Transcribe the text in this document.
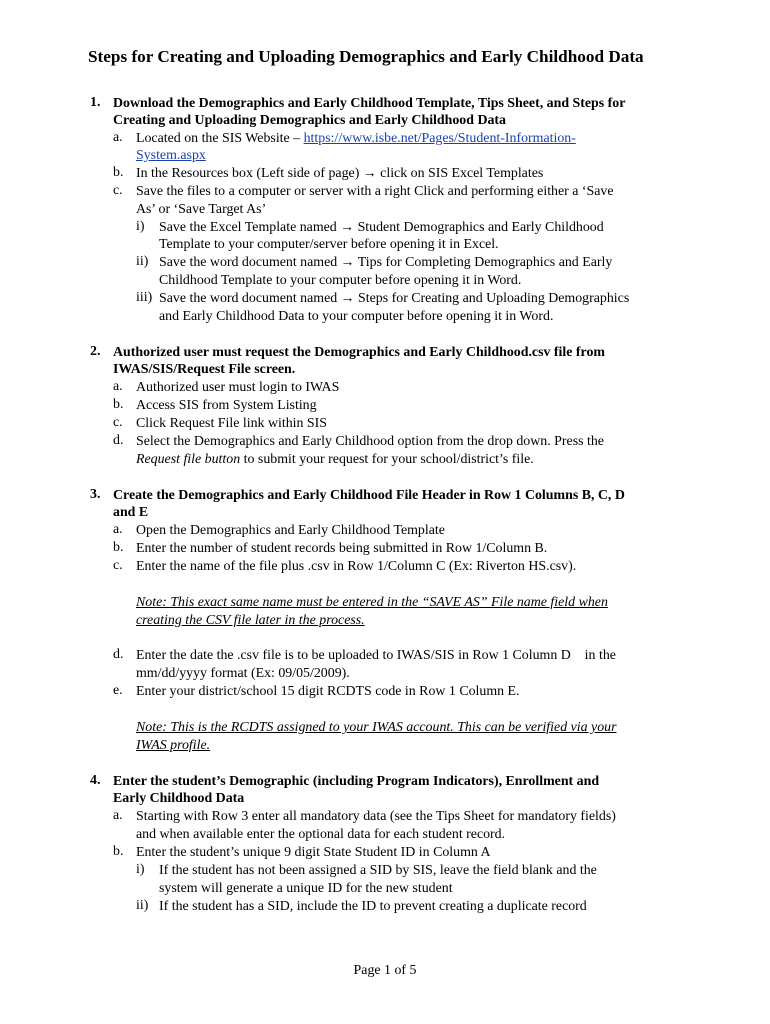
Steps for Creating and Uploading Demographics and Early Childhood Data
1. Download the Demographics and Early Childhood Template, Tips Sheet, and Steps for
Creating and Uploading Demographics and Early Childhood Data
a. Located on the SIS Website – https://www.isbe.net/Pages/Student-Information-
System.aspx
b. In the Resources box (Left side of page) → click on SIS Excel Templates
c. Save the files to a computer or server with a right Click and performing either a ‘Save
As’ or ‘Save Target As’
i) Save the Excel Template named → Student Demographics and Early Childhood
Template to your computer/server before opening it in Excel.
ii) Save the word document named → Tips for Completing Demographics and Early
Childhood Template to your computer before opening it in Word.
iii) Save the word document named → Steps for Creating and Uploading Demographics
and Early Childhood Data to your computer before opening it in Word.
2. Authorized user must request the Demographics and Early Childhood.csv file from
IWAS/SIS/Request File screen.
a. Authorized user must login to IWAS
b. Access SIS from System Listing
c. Click Request File link within SIS
d. Select the Demographics and Early Childhood option from the drop down. Press the
Request file button to submit your request for your school/district’s file.
3. Create the Demographics and Early Childhood File Header in Row 1 Columns B, C, D
and E
a. Open the Demographics and Early Childhood Template
b. Enter the number of student records being submitted in Row 1/Column B.
c. Enter the name of the file plus .csv in Row 1/Column C (Ex: Riverton HS.csv).
Note: This exact same name must be entered in the “SAVE AS” File name field when
creating the CSV file later in the process.
d. Enter the date the .csv file is to be uploaded to IWAS/SIS in Row 1 Column D    in the
mm/dd/yyyy format (Ex: 09/05/2009).
e. Enter your district/school 15 digit RCDTS code in Row 1 Column E.
Note: This is the RCDTS assigned to your IWAS account. This can be verified via your
IWAS profile.
4. Enter the student’s Demographic (including Program Indicators), Enrollment and
Early Childhood Data
a. Starting with Row 3 enter all mandatory data (see the Tips Sheet for mandatory fields)
and when available enter the optional data for each student record.
b. Enter the student’s unique 9 digit State Student ID in Column A
i) If the student has not been assigned a SID by SIS, leave the field blank and the
system will generate a unique ID for the new student
ii) If the student has a SID, include the ID to prevent creating a duplicate record
Page 1 of 5
